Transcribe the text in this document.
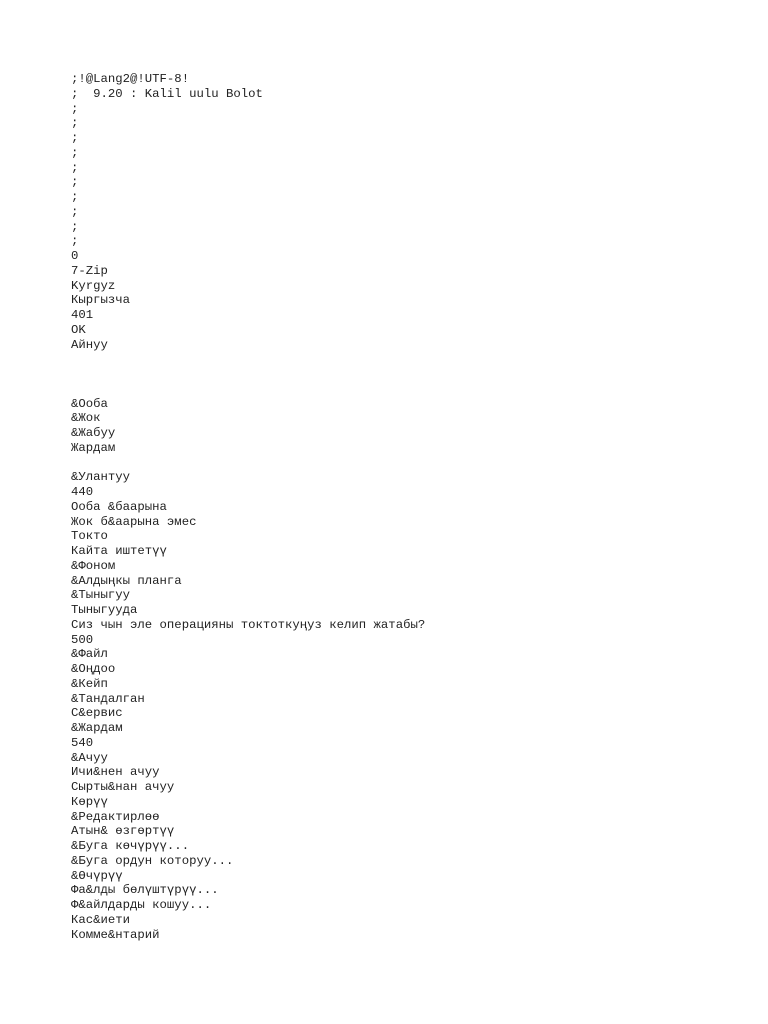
;!@Lang2@!UTF-8!
;  9.20 : Kalil uulu Bolot
;
;
;
;
;
;
;
;
;
;
0
7-Zip
Kyrgyz
Кыргызча
401
OK
Айнуу
&Ооба
&Жок
&Жабуу
Жардам
&Улантуу
440
Ооба &баарына
Жок б&аарына эмес
Токто
Кайта иштетүү
&Фоном
&Алдыңкы планга
&Тыныгуу
Тыныгууда
Сиз чын эле операцияны токтоткуңуз келип жатабы?
500
&Файл
&Оңдоо
&Кейп
&Тандалган
С&ервис
&Жардам
540
&Ачуу
Ичи&нен ачуу
Сырты&нан ачуу
Көрүү
&Редактирлөө
Атын& өзгөртүү
&Буга көчүрүү...
&Буга ордун которуу...
&Өчүрүү
Фа&лды бөлүштүрүү...
Ф&айлдарды кошуу...
Кас&иети
Комме&нтарий
